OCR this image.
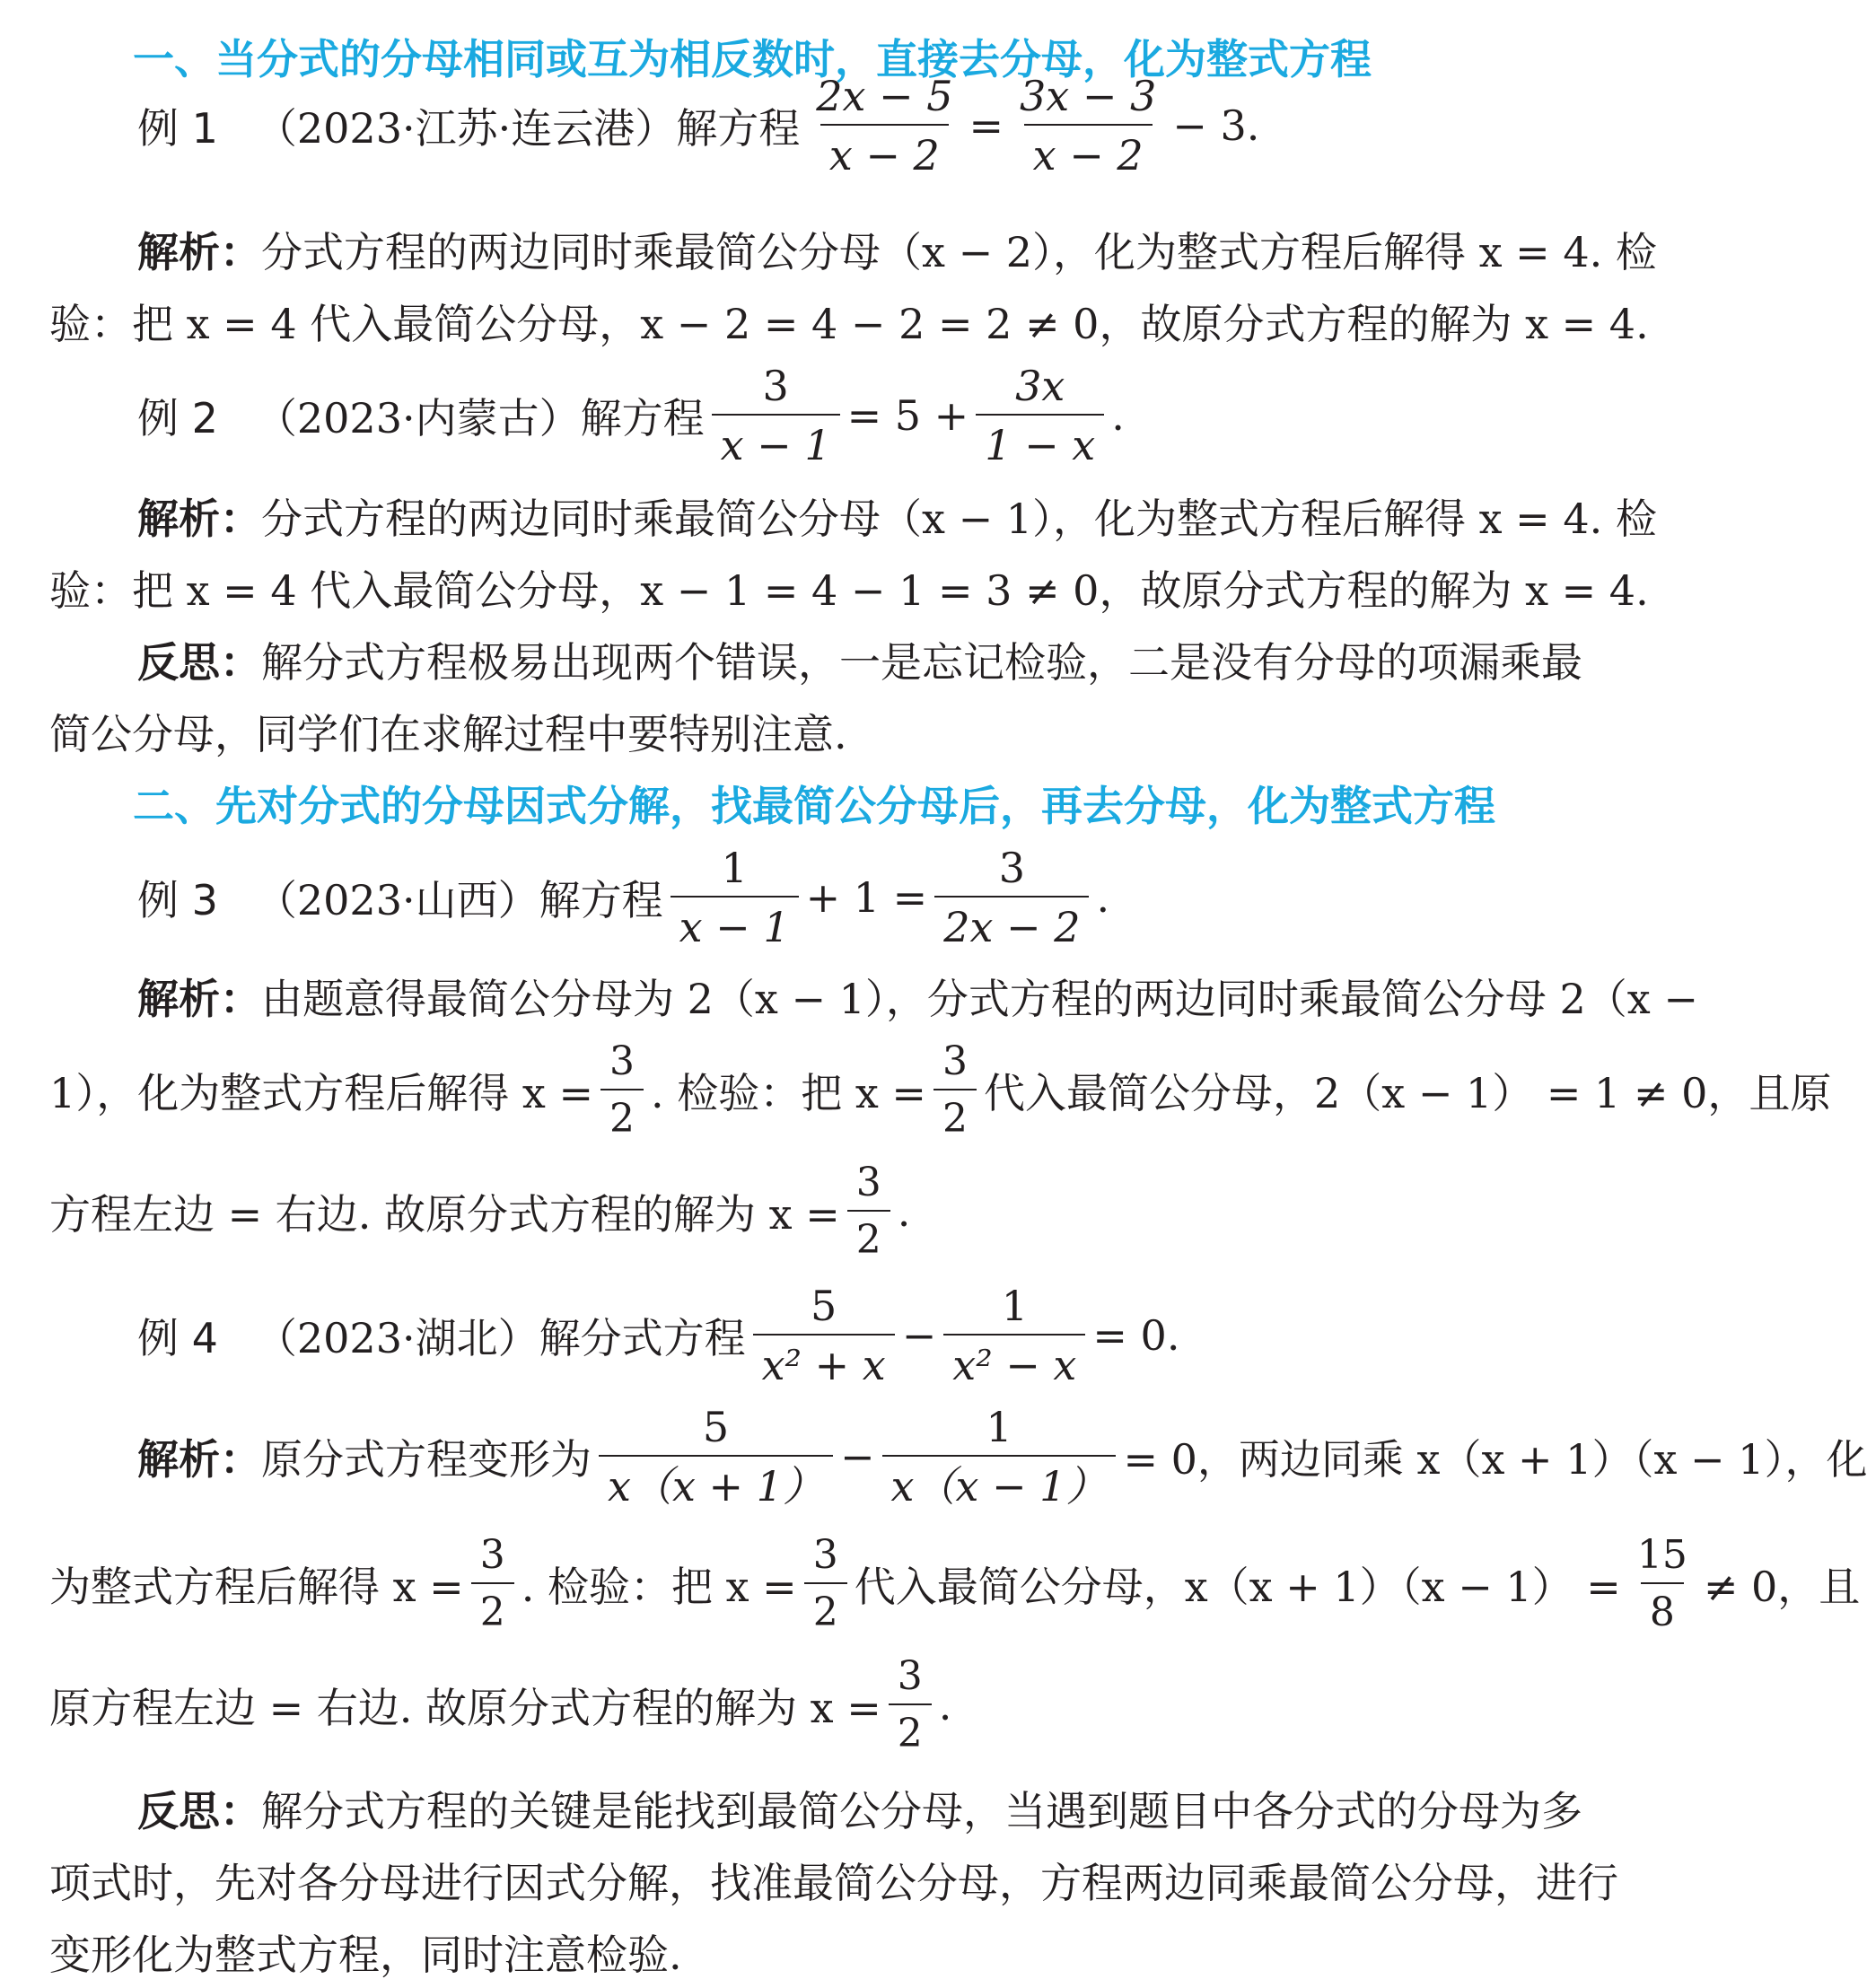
一、当分式的分母相同或互为相反数时，直接去分母，化为整式方程
例 1 （2023·江苏·连云港）解方程 $\frac{2x - 5}{x - 2} = \frac{3x - 3}{x - 2} - 3$.
解析： 分式方程的两边同时乘最简公分母（x − 2），化为整式方程后解得 x = 4. 检
验：把 x = 4 代入最简公分母，x − 2 = 4 − 2 = 2 ≠ 0，故原分式方程的解为 x = 4.
例 2 （2023·内蒙古）解方程 $\frac{3}{x - 1} = 5 + \frac{3x}{1 - x}$ .
解析： 分式方程的两边同时乘最简公分母（x − 1），化为整式方程后解得 x = 4. 检
验：把 x = 4 代入最简公分母，x − 1 = 4 − 1 = 3 ≠ 0，故原分式方程的解为 x = 4.
反思： 解分式方程极易出现两个错误，一是忘记检验，二是没有分母的项漏乘最
简公分母，同学们在求解过程中要特别注意.
二、先对分式的分母因式分解，找最简公分母后，再去分母，化为整式方程
例 3 （2023·山西）解方程 $\frac{1}{x - 1} + 1 = \frac{3}{2x - 2}$ .
解析： 由题意得最简公分母为 2（x − 1），分式方程的两边同时乘最简公分母 2（x −
1），化为整式方程后解得 $x = \frac{3}{2}$ . 检验：把 $x = \frac{3}{2}$ 代入最简公分母，2（x − 1） = 1 ≠ 0，且原
方程左边 = 右边. 故原分式方程的解为 $x = \frac{3}{2}$ .
例 4 （2023·湖北）解分式方程 $\frac{5}{\text{x² + x}} - \frac{1}{\text{x² − x}} = 0$.
解析： 原分式方程变形为 $\frac{5}{x(x + 1)} - \frac{1}{x(x - 1)} = 0$，两边同乘 x（x + 1）（x − 1），化
为整式方程后解得 $x = \frac{3}{2}$ . 检验：把 $x = \frac{3}{2}$ 代入最简公分母，$x(x + 1)(x - 1) = \frac{15}{8} \ne 0$，且
原方程左边 = 右边. 故原分式方程的解为 $x = \frac{3}{2}$ .
反思： 解分式方程的关键是能找到最简公分母，当遇到题目中各分式的分母为多
项式时，先对各分母进行因式分解，找准最简公分母，方程两边同乘最简公分母，进行
变形化为整式方程，同时注意检验.
